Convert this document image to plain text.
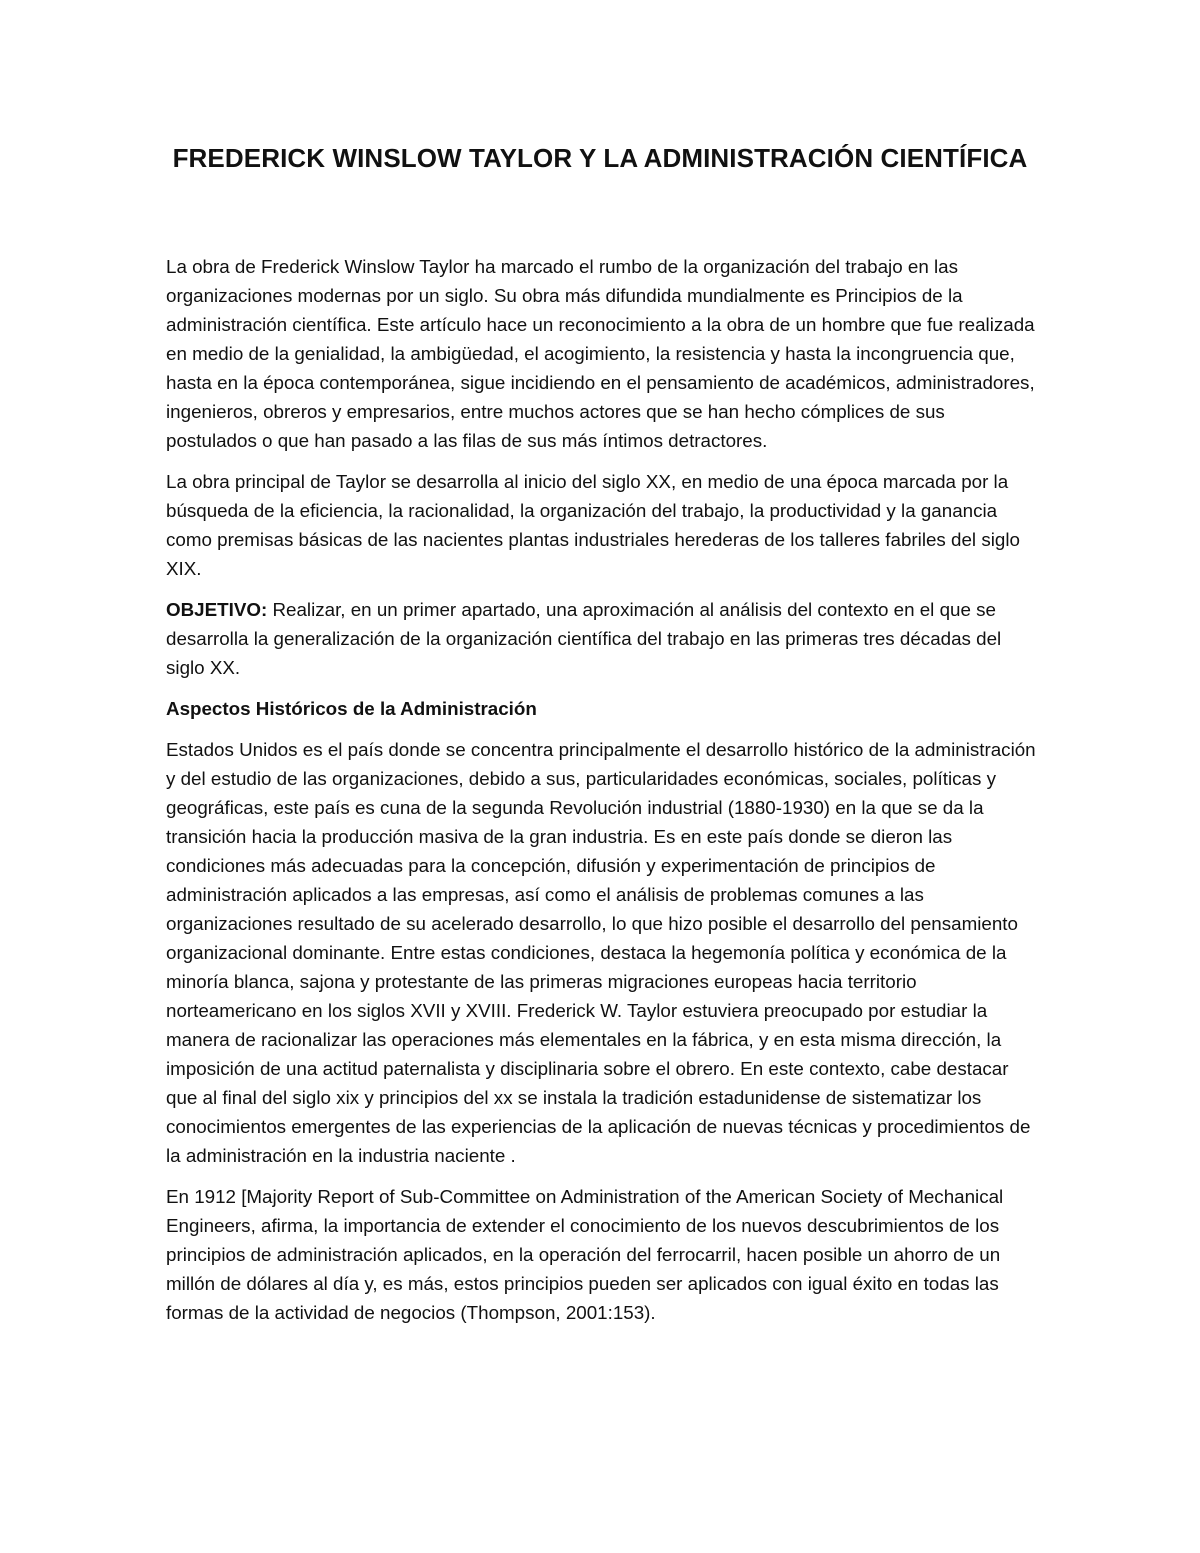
FREDERICK WINSLOW TAYLOR Y LA ADMINISTRACIÓN CIENTÍFICA

La obra de Frederick Winslow Taylor ha marcado el rumbo de la organización del trabajo en las organizaciones modernas por un siglo. Su obra más difundida mundialmente es Principios de la administración científica. Este artículo hace un reconocimiento a la obra de un hombre que fue realizada en medio de la genialidad, la ambigüedad, el acogimiento, la resistencia y hasta la incongruencia que, hasta en la época contemporánea, sigue incidiendo en el pensamiento de académicos, administradores, ingenieros, obreros y empresarios, entre muchos actores que se han hecho cómplices de sus postulados o que han pasado a las filas de sus más íntimos detractores.

La obra principal de Taylor se desarrolla al inicio del siglo XX, en medio de una época marcada por la búsqueda de la eficiencia, la racionalidad, la organización del trabajo, la productividad y la ganancia como premisas básicas de las nacientes plantas industriales herederas de los talleres fabriles del siglo XIX.

OBJETIVO: Realizar, en un primer apartado, una aproximación al análisis del contexto en el que se desarrolla la generalización de la organización científica del trabajo en las primeras tres décadas del siglo XX.

Aspectos Históricos de la Administración

Estados Unidos es el país donde se concentra principalmente el desarrollo histórico de la administración y del estudio de las organizaciones, debido a sus, particularidades económicas, sociales, políticas y geográficas, este país es cuna de la segunda Revolución industrial (1880-1930) en la que se da la transición hacia la producción masiva de la gran industria. Es en este país donde se dieron las condiciones más adecuadas para la concepción, difusión y experimentación de principios de administración aplicados a las empresas, así como el análisis de problemas comunes a las organizaciones resultado de su acelerado desarrollo, lo que hizo posible el desarrollo del pensamiento organizacional dominante. Entre estas condiciones, destaca la hegemonía política y económica de la minoría blanca, sajona y protestante de las primeras migraciones europeas hacia territorio norteamericano en los siglos XVII y XVIII. Frederick W. Taylor estuviera preocupado por estudiar la manera de racionalizar las operaciones más elementales en la fábrica, y en esta misma dirección, la imposición de una actitud paternalista y disciplinaria sobre el obrero. En este contexto, cabe destacar que al final del siglo xix y principios del xx se instala la tradición estadunidense de sistematizar los conocimientos emergentes de las experiencias de la aplicación de nuevas técnicas y procedimientos de la administración en la industria naciente .

En 1912 [Majority Report of Sub-Committee on Administration of the American Society of Mechanical Engineers, afirma, la importancia de extender el conocimiento de los nuevos descubrimientos de los principios de administración aplicados, en la operación del ferrocarril, hacen posible un ahorro de un millón de dólares al día y, es más, estos principios pueden ser aplicados con igual éxito en todas las formas de la actividad de negocios (Thompson, 2001:153).
